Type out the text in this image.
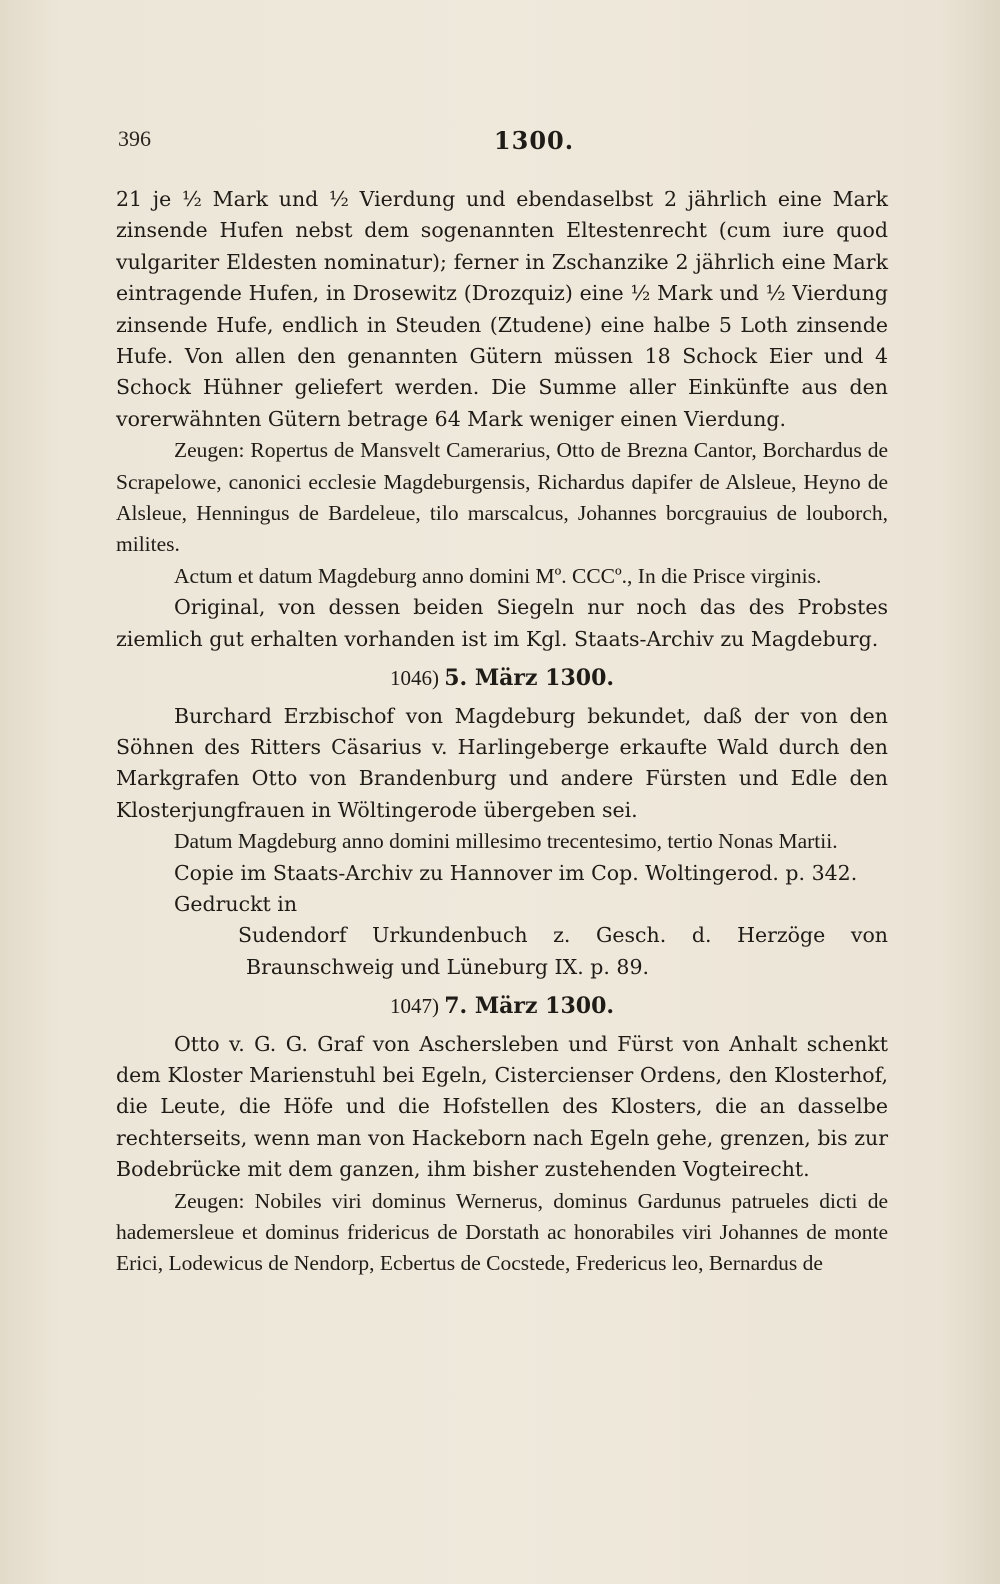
396	1300.

21 je ½ Mark und ½ Vierdung und ebendaselbst 2 jährlich eine Mark zinsende Hufen nebst dem sogenannten Eltestenrecht (cum iure quod vulgariter Eldesten nominatur); ferner in Zschanzike 2 jährlich eine Mark eintragende Hufen, in Drosewitz (Drozquiz) eine ½ Mark und ½ Vierdung zinsende Hufe, endlich in Steuden (Ztudene) eine halbe 5 Loth zinsende Hufe. Von allen den genannten Gütern müssen 18 Schock Eier und 4 Schock Hühner geliefert werden. Die Summe aller Einkünfte aus den vorerwähnten Gütern betrage 64 Mark weniger einen Vierdung.

Zeugen: Ropertus de Mansvelt Camerarius, Otto de Brezna Cantor, Borchardus de Scrapelowe, canonici ecclesie Magdeburgensis, Richardus dapifer de Alsleue, Heyno de Alsleue, Henningus de Bardeleue, tilo marscalcus, Johannes borcgrauius de louborch, milites.

Actum et datum Magdeburg anno domini Mº. CCCº., In die Prisce virginis.

Original, von dessen beiden Siegeln nur noch das des Probstes ziemlich gut erhalten vorhanden ist im Kgl. Staats-Archiv zu Magdeburg.

1046) 5. März 1300.

Burchard Erzbischof von Magdeburg bekundet, daß der von den Söhnen des Ritters Cäsarius v. Harlingeberge erkaufte Wald durch den Markgrafen Otto von Brandenburg und andere Fürsten und Edle den Klosterjungfrauen in Wöltingerode übergeben sei.

Datum Magdeburg anno domini millesimo trecentesimo, tertio Nonas Martii.

Copie im Staats-Archiv zu Hannover im Cop. Woltingerod. p. 342.

Gedruckt in

Sudendorf Urkundenbuch z. Gesch. d. Herzöge von Braunschweig und Lüneburg IX. p. 89.

1047) 7. März 1300.

Otto v. G. G. Graf von Aschersleben und Fürst von Anhalt schenkt dem Kloster Marienstuhl bei Egeln, Cistercienser Ordens, den Klosterhof, die Leute, die Höfe und die Hofstellen des Klosters, die an dasselbe rechterseits, wenn man von Hackeborn nach Egeln gehe, grenzen, bis zur Bodebrücke mit dem ganzen, ihm bisher zustehenden Vogteirecht.

Zeugen: Nobiles viri dominus Wernerus, dominus Gardunus patrueles dicti de hademersleue et dominus fridericus de Dorstath ac honorabiles viri Johannes de monte Erici, Lodewicus de Nendorp, Ecbertus de Cocstede, Fredericus leo, Bernardus de
